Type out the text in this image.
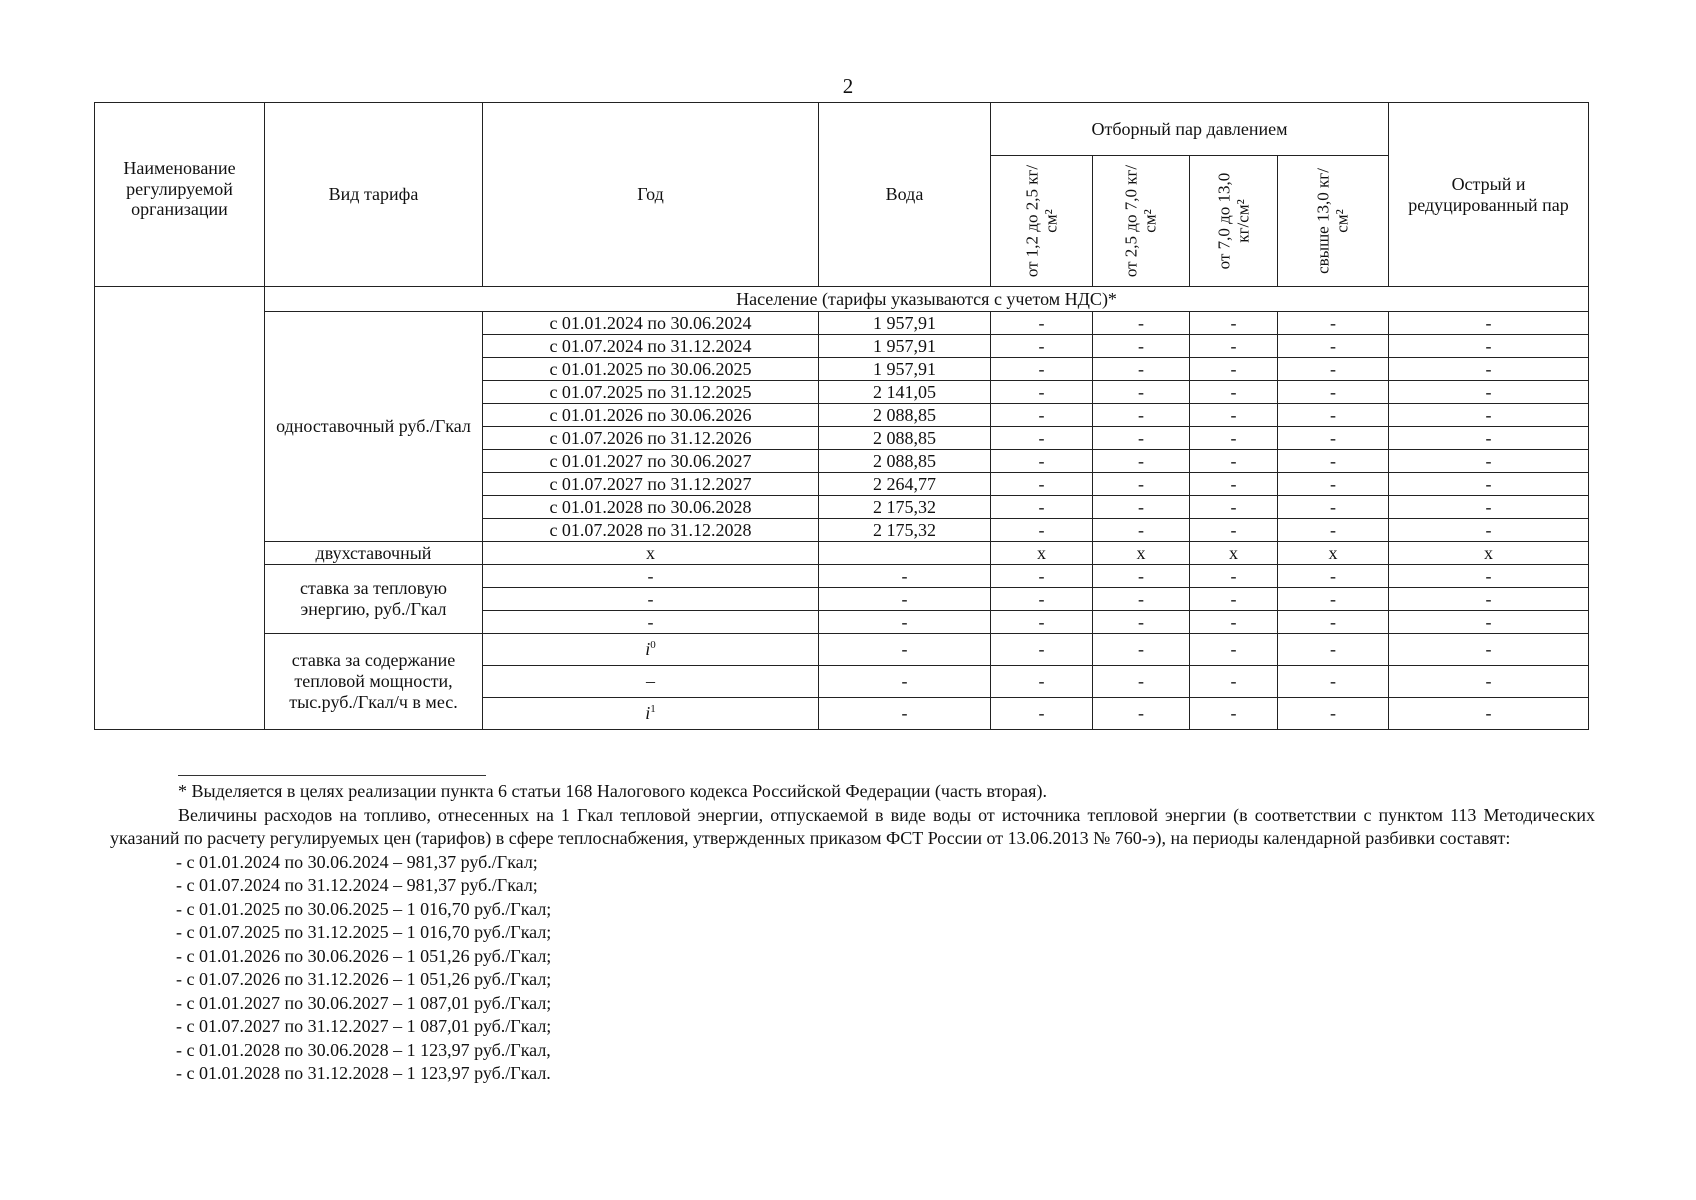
2
Наименование регулируемой организации	Вид тарифа	Год	Вода	Отборный пар давлением				Острый и редуцированный пар

				от 1,2 до 2,5 кг/см²	от 2,5 до 7,0 кг/см²	от 7,0 до 13,0 кг/см²	свыше 13,0 кг/см²	

	Население (тарифы указываются с учетом НДС)*							
	одноставочный руб./Гкал	с 01.01.2024 по 30.06.2024	1 957,91	-	-	-	-	-
		с 01.07.2024 по 31.12.2024	1 957,91	-	-	-	-	-
		с 01.01.2025 по 30.06.2025	1 957,91	-	-	-	-	-
		с 01.07.2025 по 31.12.2025	2 141,05	-	-	-	-	-
		с 01.01.2026 по 30.06.2026	2 088,85	-	-	-	-	-
		с 01.07.2026 по 31.12.2026	2 088,85	-	-	-	-	-
		с 01.01.2027 по 30.06.2027	2 088,85	-	-	-	-	-
		с 01.07.2027 по 31.12.2027	2 264,77	-	-	-	-	-
		с 01.01.2028 по 30.06.2028	2 175,32	-	-	-	-	-
		с 01.07.2028 по 31.12.2028	2 175,32	-	-	-	-	-
	двухставочный	х		х	х	х	х	х
	ставка за тепловую энергию, руб./Гкал	-	-	-	-	-	-	-
		-	-	-	-	-	-	-
		-	-	-	-	-	-	-
	ставка за содержание тепловой мощности, тыс.руб./Гкал/ч в мес.	$i^0$	-	-	-	-	-	-
		–	-	-	-	-	-	-
		$i^1$	-	-	-	-	-	-

* Выделяется в целях реализации пункта 6 статьи 168 Налогового кодекса Российской Федерации (часть вторая).

Величины расходов на топливо, отнесенных на 1 Гкал тепловой энергии, отпускаемой в виде воды от источника тепловой энергии (в соответствии с пунктом 113 Методических указаний по расчету регулируемых цен (тарифов) в сфере теплоснабжения, утвержденных приказом ФСТ России от 13.06.2013 № 760-э), на периоды календарной разбивки составят:

- с 01.01.2024 по 30.06.2024 – 981,37 руб./Гкал;
- с 01.07.2024 по 31.12.2024 – 981,37 руб./Гкал;
- с 01.01.2025 по 30.06.2025 – 1 016,70 руб./Гкал;
- с 01.07.2025 по 31.12.2025 – 1 016,70 руб./Гкал;
- с 01.01.2026 по 30.06.2026 – 1 051,26 руб./Гкал;
- с 01.07.2026 по 31.12.2026 – 1 051,26 руб./Гкал;
- с 01.01.2027 по 30.06.2027 – 1 087,01 руб./Гкал;
- с 01.07.2027 по 31.12.2027 – 1 087,01 руб./Гкал;
- с 01.01.2028 по 30.06.2028 – 1 123,97 руб./Гкал,
- с 01.01.2028 по 31.12.2028 – 1 123,97 руб./Гкал.
